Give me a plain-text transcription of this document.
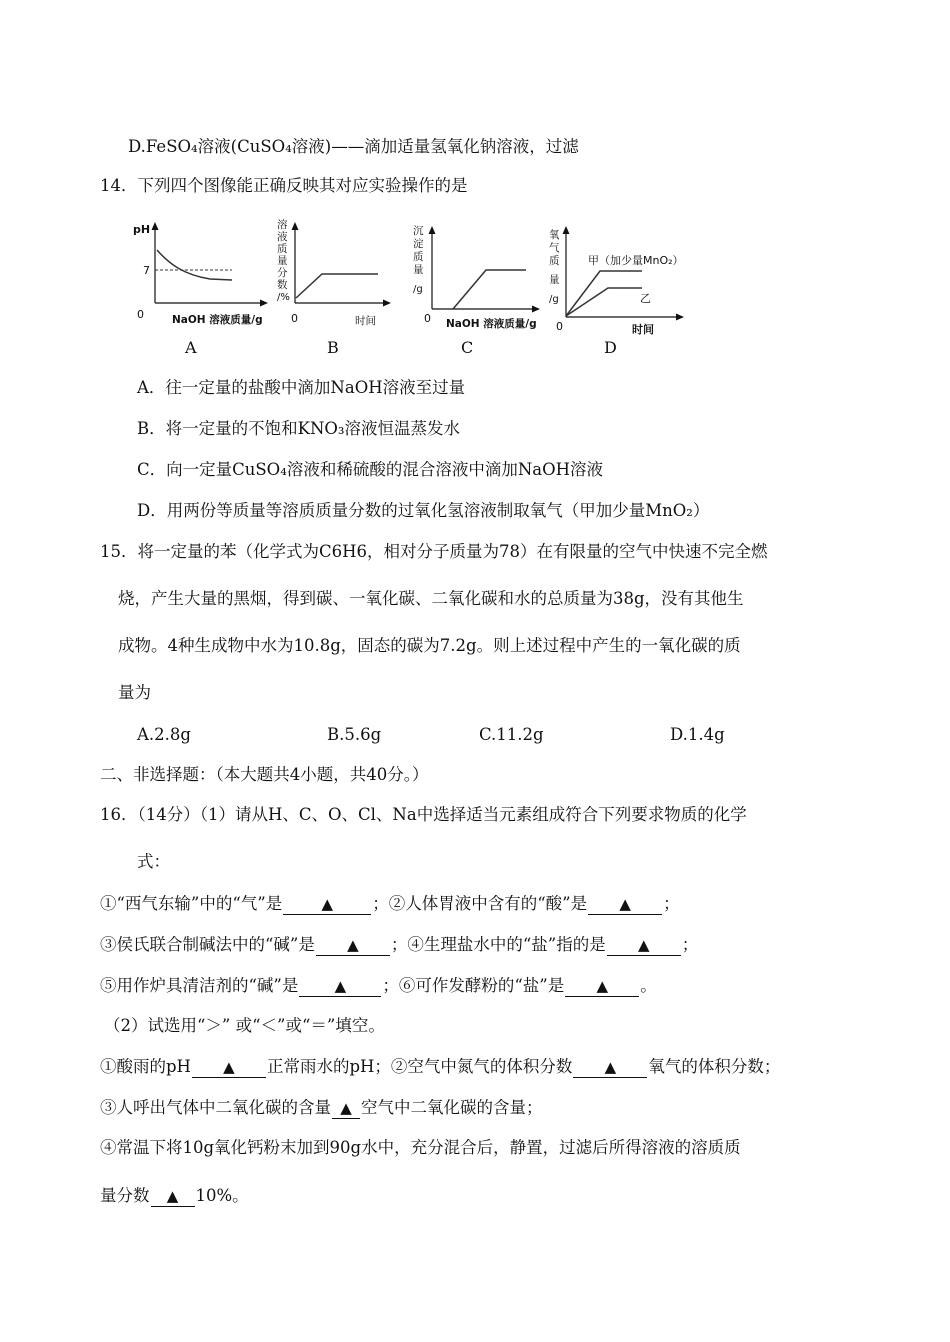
D.FeSO₄溶液(CuSO₄溶液)——滴加适量氢氧化钠溶液，过滤
14．下列四个图像能正确反映其对应实验操作的是
pH
7
0	NaOH 溶液质量/g
溶
液
质
量
分
数
/%
0	时间
沉
淀
质
量
/g
0 NaOH 溶液质量/g
氧
气
质
量
/g
甲（加少量MnO₂）
乙
0	时间
A	B	C	D
A．往一定量的盐酸中滴加NaOH溶液至过量
B．将一定量的不饱和KNO₃溶液恒温蒸发水
C．向一定量CuSO₄溶液和稀硫酸的混合溶液中滴加NaOH溶液
D．用两份等质量等溶质质量分数的过氧化氢溶液制取氧气（甲加少量MnO₂）
15．将一定量的苯（化学式为C6H6，相对分子质量为78）在有限量的空气中快速不完全燃
烧，产生大量的黑烟，得到碳、一氧化碳、二氧化碳和水的总质量为38g，没有其他生
成物。4种生成物中水为10.8g，固态的碳为7.2g。则上述过程中产生的一氧化碳的质
量为
A.2.8g	B.5.6g	C.11.2g	D.1.4g
二、非选择题：（本大题共4小题，共40分。）
16．（14分）（1）请从H、C、O、Cl、Na中选择适当元素组成符合下列要求物质的化学
式：
①“西气东输”中的“气”是	▲ ；②人体胃液中含有的“酸”是 ▲ ；
③侯氏联合制碱法中的“碱”是 ▲ ；④生理盐水中的“盐”指的是 ▲ ；
⑤用作炉具清洁剂的“碱”是 ▲ ；⑥可作发酵粉的“盐”是 ▲ 。
（2）试选用“＞” 或“＜”或“＝”填空。
①酸雨的pH ▲ 正常雨水的pH；②空气中氮气的体积分数 ▲ 氧气的体积分数；
③人呼出气体中二氧化碳的含量 ▲ 空气中二氧化碳的含量；
④常温下将10g氧化钙粉末加到90g水中，充分混合后，静置，过滤后所得溶液的溶质质
量分数 ▲ 10%。
